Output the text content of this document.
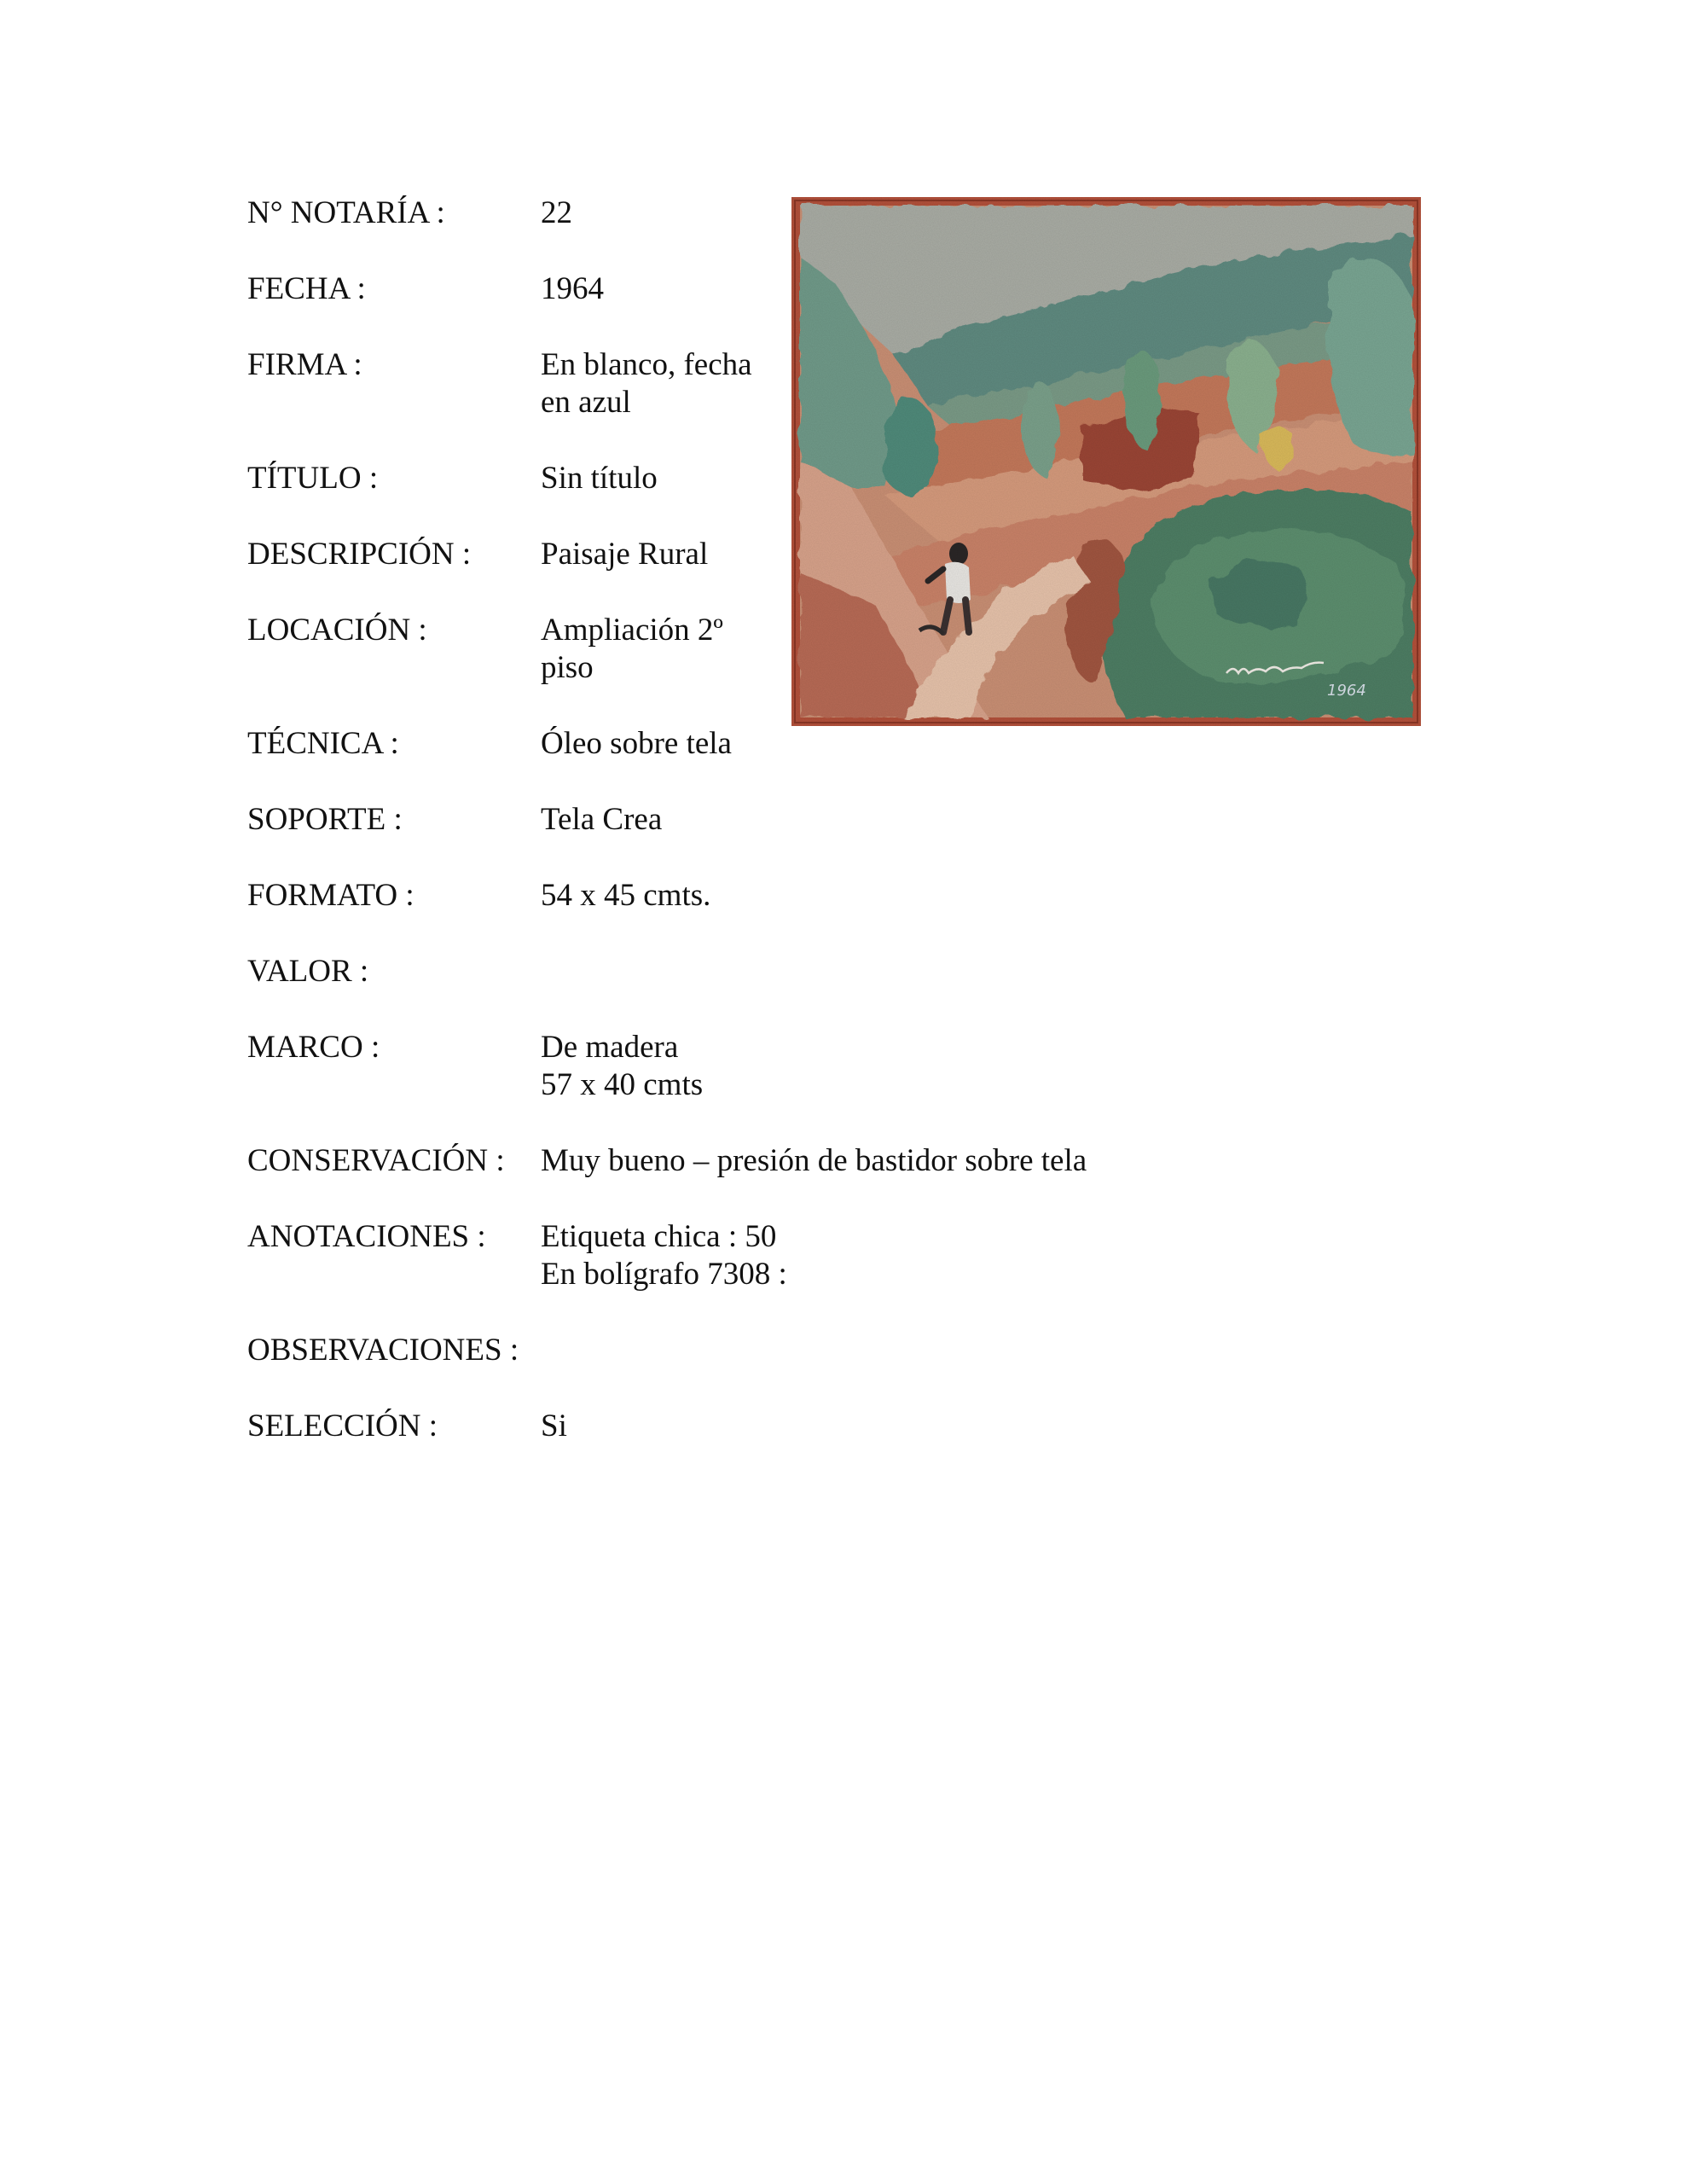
N° NOTARÍA :	22
FECHA :	1964
FIRMA :	En blanco, fecha
en azul
TÍTULO :	Sin título
DESCRIPCIÓN : Paisaje Rural
LOCACIÓN :	Ampliación 2º
piso
TÉCNICA :	Óleo sobre tela
SOPORTE :	Tela Crea
FORMATO :	54 x 45 cmts.
VALOR :
MARCO :	De madera
57 x 40 cmts
CONSERVACIÓN : Muy bueno – presión de bastidor sobre tela
ANOTACIONES : Etiqueta chica : 50
En bolígrafo 7308 :
OBSERVACIONES :
SELECCIÓN :	Si
